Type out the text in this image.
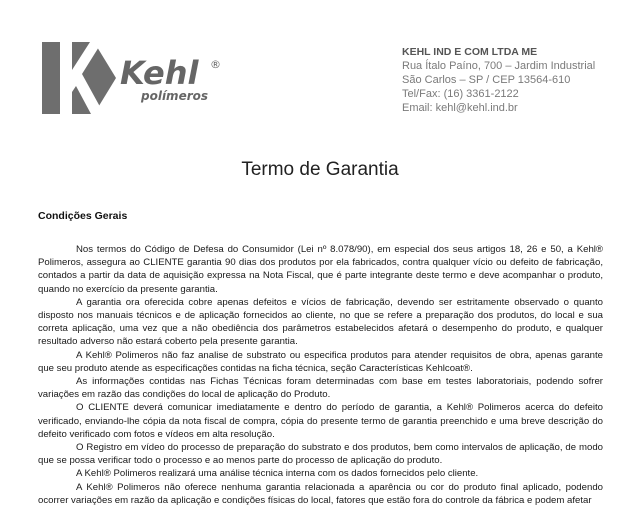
Kehl ®
polímeros
KEHL IND E COM LTDA ME
Rua Ítalo Paíno, 700 – Jardim Industrial
São Carlos – SP / CEP 13564-610
Tel/Fax: (16) 3361-2122
Email: kehl@kehl.ind.br
Termo de Garantia
Condições Gerais

Nos termos do Código de Defesa do Consumidor (Lei nº 8.078/90), em especial dos seus artigos 18, 26 e 50, a Kehl® Polimeros, assegura ao CLIENTE garantia 90 dias dos produtos por ela fabricados, contra qualquer vício ou defeito de fabricação, contados a partir da data de aquisição expressa na Nota Fiscal, que é parte integrante deste termo e deve acompanhar o produto, quando no exercício da presente garantia.

A garantia ora oferecida cobre apenas defeitos e vícios de fabricação, devendo ser estritamente observado o quanto disposto nos manuais técnicos e de aplicação fornecidos ao cliente, no que se refere a preparação dos produtos, do local e sua correta aplicação, uma vez que a não obediência dos parâmetros estabelecidos afetará o desempenho do produto, e qualquer resultado adverso não estará coberto pela presente garantia.

A Kehl® Polimeros não faz analise de substrato ou especifica produtos para atender requisitos de obra, apenas garante que seu produto atende as especificações contidas na ficha técnica, seção Características Kehlcoat®.

As informações contidas nas Fichas Técnicas foram determinadas com base em testes laboratoriais, podendo sofrer variações em razão das condições do local de aplicação do Produto.

O CLIENTE deverá comunicar imediatamente e dentro do período de garantia, a Kehl® Polimeros acerca do defeito verificado, enviando-lhe cópia da nota fiscal de compra, cópia do presente termo de garantia preenchido e uma breve descrição do defeito verificado com fotos e vídeos em alta resolução.

O Registro em vídeo do processo de preparação do substrato e dos produtos, bem como intervalos de aplicação, de modo que se possa verificar todo o processo e ao menos parte do processo de aplicação do produto.

A Kehl® Polimeros realizará uma análise técnica interna com os dados fornecidos pelo cliente.

A Kehl® Polimeros não oferece nenhuma garantia relacionada a aparência ou cor do produto final aplicado, podendo ocorrer variações em razão da aplicação e condições físicas do local, fatores que estão fora do controle da fábrica e podem afetar
